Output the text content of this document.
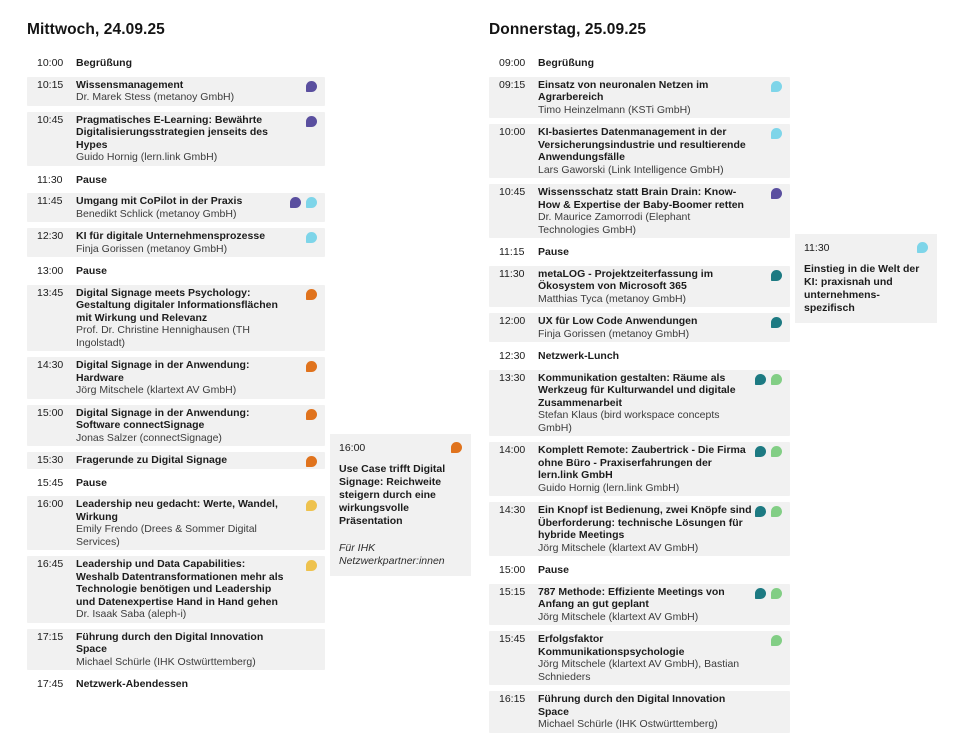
Mittwoch, 24.09.25
10:00	Begrüßung
10:15	Wissensmanagement
Dr. Marek Stess (metanoy GmbH)
10:45	Pragmatisches E-Learning: Bewährte Digitalisierungsstrategien jenseits des Hypes
Guido Hornig (lern.link GmbH)
11:30	Pause
11:45	Umgang mit CoPilot in der Praxis
Benedikt Schlick (metanoy GmbH)
12:30	KI für digitale Unternehmensprozesse
Finja Gorissen (metanoy GmbH)
13:00	Pause
13:45	Digital Signage meets Psychology: Gestaltung digitaler Informationsflächen mit Wirkung und Relevanz
Prof. Dr. Christine Hennighausen (TH Ingolstadt)
14:30	Digital Signage in der Anwendung: Hardware
Jörg Mitschele (klartext AV GmbH)
15:00	Digital Signage in der Anwendung: Software connectSignage
Jonas Salzer (connectSignage)
15:30	Fragerunde zu Digital Signage
15:45	Pause
16:00	Leadership neu gedacht: Werte, Wandel, Wirkung
Emily Frendo (Drees & Sommer Digital Services)
16:45	Leadership und Data Capabilities: Weshalb Datentransformationen mehr als Technologie benötigen und Leadership und Datenexpertise Hand in Hand gehen
Dr. Isaak Saba (aleph-i)
17:15	Führung durch den Digital Innovation Space
Michael Schürle (IHK Ostwürttemberg)
17:45	Netzwerk-Abendessen
Donnerstag, 25.09.25
09:00	Begrüßung
09:15	Einsatz von neuronalen Netzen im Agrarbereich
Timo Heinzelmann (KSTi GmbH)
10:00	KI-basiertes Datenmanagement in der Versicherungsindustrie und resultierende Anwendungsfälle
Lars Gaworski (Link Intelligence GmbH)
10:45	Wissensschatz statt Brain Drain: Know-How & Expertise der Baby-Boomer retten
Dr. Maurice Zamorrodi (Elephant Technologies GmbH)
11:15	Pause
11:30	metaLOG - Projektzeiterfassung im Ökosystem von Microsoft 365
Matthias Tyca (metanoy GmbH)
12:00	UX für Low Code Anwendungen
Finja Gorissen (metanoy GmbH)
12:30	Netzwerk-Lunch
13:30	Kommunikation gestalten: Räume als Werkzeug für Kulturwandel und digitale Zusammenarbeit
Stefan Klaus (bird workspace concepts GmbH)
14:00	Komplett Remote: Zaubertrick - Die Firma ohne Büro - Praxiserfahrungen der lern.link GmbH
Guido Hornig (lern.link GmbH)
14:30	Ein Knopf ist Bedienung, zwei Knöpfe sind Überforderung: technische Lösungen für hybride Meetings
Jörg Mitschele (klartext AV GmbH)
15:00	Pause
15:15	787 Methode: Effiziente Meetings von Anfang an gut geplant
Jörg Mitschele (klartext AV GmbH)
15:45	Erfolgsfaktor Kommunikationspsychologie
Jörg Mitschele (klartext AV GmbH), Bastian Schnieders
16:15	Führung durch den Digital Innovation Space
Michael Schürle (IHK Ostwürttemberg)
16:00
Use Case trifft Digital Signage: Reichweite steigern durch eine wirkungsvolle Präsentation
Für IHK Netzwerkpartner:innen
11:30
Einstieg in die Welt der KI: praxisnah und unternehmens-spezifisch
